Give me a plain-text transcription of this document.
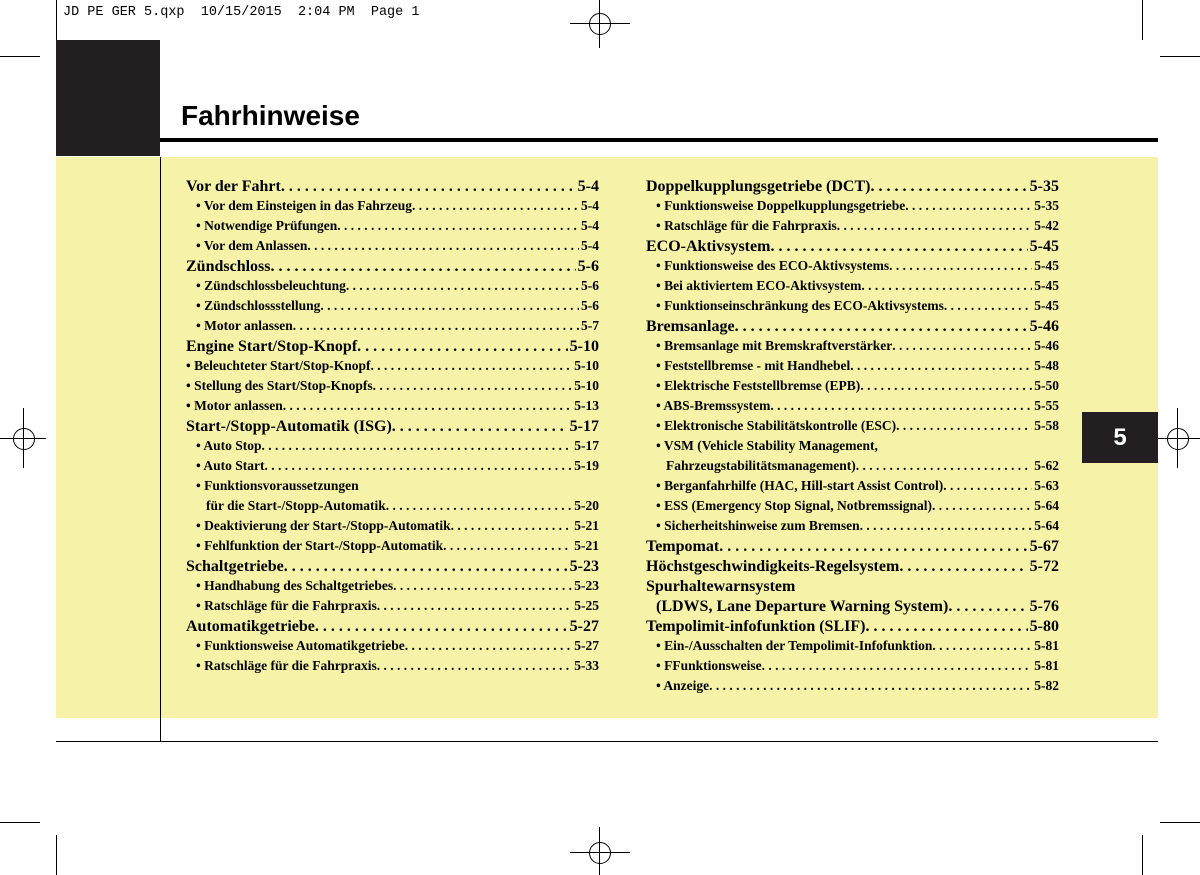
JD PE GER 5.qxp  10/15/2015  2:04 PM  Page 1
Fahrhinweise
5
Vor der Fahrt . . .	5-4
• Vor dem Einsteigen in das Fahrzeug . . .	5-4
• Notwendige Prüfungen . . .	5-4
• Vor dem Anlassen . . .	5-4
Zündschloss . . .	5-6
• Zündschlossbeleuchtung . . .	5-6
• Zündschlossstellung . . .	5-6
• Motor anlassen . . .	5-7
Engine Start/Stop-Knopf . . .	5-10
• Beleuchteter Start/Stop-Knopf . . .	5-10
• Stellung des Start/Stop-Knopfs . . .	5-10
• Motor anlassen . . .	5-13
Start-/Stopp-Automatik (ISG) . . .	5-17
• Auto Stop . . .	5-17
• Auto Start . . .	5-19
• Funktionsvoraussetzungen
für die Start-/Stopp-Automatik . . .	5-20
• Deaktivierung der Start-/Stopp-Automatik . . .	5-21
• Fehlfunktion der Start-/Stopp-Automatik . . .	5-21
Schaltgetriebe . . .	5-23
• Handhabung des Schaltgetriebes . . .	5-23
• Ratschläge für die Fahrpraxis . . .	5-25
Automatikgetriebe . . .	5-27
• Funktionsweise Automatikgetriebe . . .	5-27
• Ratschläge für die Fahrpraxis . . .	5-33
Doppelkupplungsgetriebe (DCT) . . .	5-35
• Funktionsweise Doppelkupplungsgetriebe . . .	5-35
• Ratschläge für die Fahrpraxis . . .	5-42
ECO-Aktivsystem . . .	5-45
• Funktionsweise des ECO-Aktivsystems . . .	5-45
• Bei aktiviertem ECO-Aktivsystem . . .	5-45
• Funktionseinschränkung des ECO-Aktivsystems . . .	5-45
Bremsanlage . . .	5-46
• Bremsanlage mit Bremskraftverstärker . . .	5-46
• Feststellbremse - mit Handhebel . . .	5-48
• Elektrische Feststellbremse (EPB) . . .	5-50
• ABS-Bremssystem . . .	5-55
• Elektronische Stabilitätskontrolle (ESC) . . .	5-58
• VSM (Vehicle Stability Management,
Fahrzeugstabilitätsmanagement) . . .	5-62
• Berganfahrhilfe (HAC, Hill-start Assist Control) . . .	5-63
• ESS (Emergency Stop Signal, Notbremssignal) . . .	5-64
• Sicherheitshinweise zum Bremsen . . .	5-64
Tempomat . . .	5-67
Höchstgeschwindigkeits-Regelsystem . . .	5-72
Spurhaltewarnsystem
(LDWS, Lane Departure Warning System) . . .	5-76
Tempolimit-infofunktion (SLIF) . . .	5-80
• Ein-/Ausschalten der Tempolimit-Infofunktion . . .	5-81
• FFunktionsweise . . .	5-81
• Anzeige . . .	5-82
